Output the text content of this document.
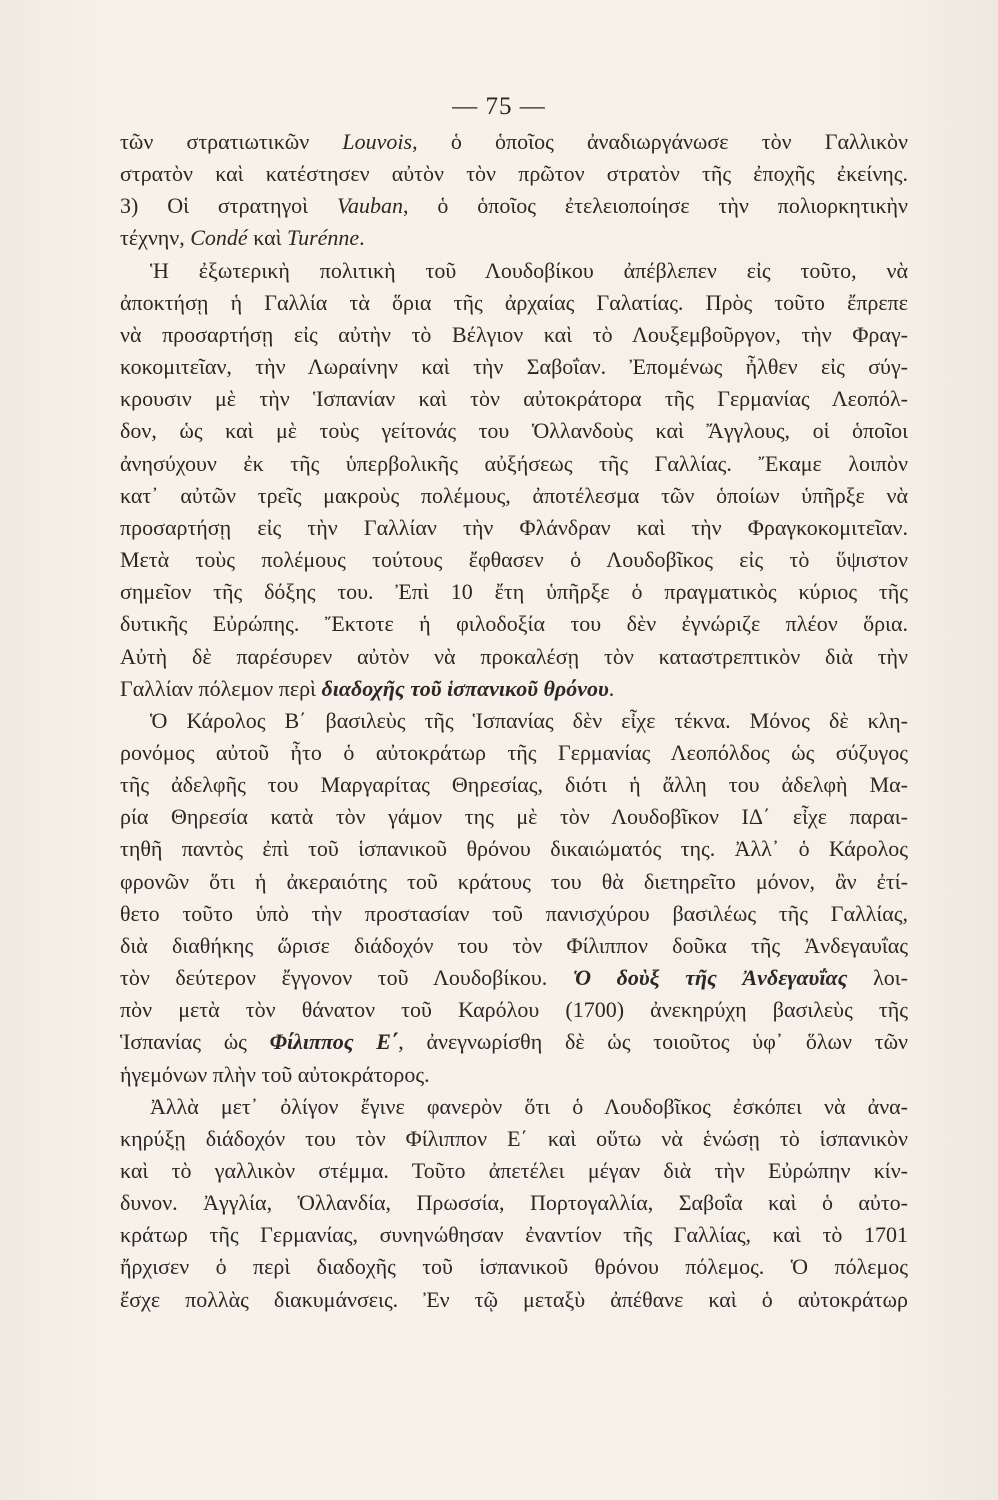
— 75 —

τῶν στρατιωτικῶν Louvois, ὁ ὁποῖος ἀναδιωργάνωσε τὸν Γαλλικὸν

στρατὸν καὶ κατέστησεν αὐτὸν τὸν πρῶτον στρατὸν τῆς ἐποχῆς ἐκείνης.

3) Οἱ στρατηγοὶ Vauban, ὁ ὁποῖος ἐτελειοποίησε τὴν πολιορκητικὴν

τέχνην, Condé καὶ Turénne.

Ἡ ἐξωτερικὴ πολιτικὴ τοῦ Λουδοβίκου ἀπέβλεπεν εἰς τοῦτο, νὰ

ἀποκτήσῃ ἡ Γαλλία τὰ ὅρια τῆς ἀρχαίας Γαλατίας. Πρὸς τοῦτο ἔπρεπε

νὰ προσαρτήσῃ εἰς αὐτὴν τὸ Βέλγιον καὶ τὸ Λουξεμβοῦργον, τὴν Φραγ-

κοκομιτεῖαν, τὴν Λωραίνην καὶ τὴν Σαβοΐαν. Ἐπομένως ἦλθεν εἰς σύγ-

κρουσιν μὲ τὴν Ἱσπανίαν καὶ τὸν αὐτοκράτορα τῆς Γερμανίας Λεοπόλ-

δον, ὡς καὶ μὲ τοὺς γείτονάς του Ὁλλανδοὺς καὶ Ἄγγλους, οἱ ὁποῖοι

ἀνησύχουν ἐκ τῆς ὑπερβολικῆς αὐξήσεως τῆς Γαλλίας. Ἔκαμε λοιπὸν

κατ᾽ αὐτῶν τρεῖς μακροὺς πολέμους, ἀποτέλεσμα τῶν ὁποίων ὑπῆρξε νὰ

προσαρτήσῃ εἰς τὴν Γαλλίαν τὴν Φλάνδραν καὶ τὴν Φραγκοκομιτεῖαν.

Μετὰ τοὺς πολέμους τούτους ἔφθασεν ὁ Λουδοβῖκος εἰς τὸ ὕψιστον

σημεῖον τῆς δόξης του. Ἐπὶ 10 ἔτη ὑπῆρξε ὁ πραγματικὸς κύριος τῆς

δυτικῆς Εὐρώπης. Ἔκτοτε ἡ φιλοδοξία του δὲν ἐγνώριζε πλέον ὅρια.

Αὐτὴ δὲ παρέσυρεν αὐτὸν νὰ προκαλέσῃ τὸν καταστρεπτικὸν διὰ τὴν

Γαλλίαν πόλεμον περὶ διαδοχῆς τοῦ ἱσπανικοῦ θρόνου.

Ὁ Κάρολος Β΄ βασιλεὺς τῆς Ἱσπανίας δὲν εἶχε τέκνα. Μόνος δὲ κλη-

ρονόμος αὐτοῦ ἦτο ὁ αὐτοκράτωρ τῆς Γερμανίας Λεοπόλδος ὡς σύζυγος

τῆς ἀδελφῆς του Μαργαρίτας Θηρεσίας, διότι ἡ ἄλλη του ἀδελφὴ Μα-

ρία Θηρεσία κατὰ τὸν γάμον της μὲ τὸν Λουδοβῖκον ΙΔ΄ εἶχε παραι-

τηθῆ παντὸς ἐπὶ τοῦ ἱσπανικοῦ θρόνου δικαιώματός της. Ἀλλ᾽ ὁ Κάρολος

φρονῶν ὅτι ἡ ἀκεραιότης τοῦ κράτους του θὰ διετηρεῖτο μόνον, ἂν ἐτί-

θετο τοῦτο ὑπὸ τὴν προστασίαν τοῦ πανισχύρου βασιλέως τῆς Γαλλίας,

διὰ διαθήκης ὥρισε διάδοχόν του τὸν Φίλιππον δοῦκα τῆς Ἀνδεγαυΐας

τὸν δεύτερον ἔγγονον τοῦ Λουδοβίκου. Ὁ δοὺξ τῆς Ἀνδεγαυΐας λοι-

πὸν μετὰ τὸν θάνατον τοῦ Καρόλου (1700) ἀνεκηρύχη βασιλεὺς τῆς

Ἱσπανίας ὡς Φίλιππος Ε΄, ἀνεγνωρίσθη δὲ ὡς τοιοῦτος ὑφ᾽ ὅλων τῶν

ἡγεμόνων πλὴν τοῦ αὐτοκράτορος.

Ἀλλὰ μετ᾽ ὀλίγον ἔγινε φανερὸν ὅτι ὁ Λουδοβῖκος ἐσκόπει νὰ ἀνα-

κηρύξῃ διάδοχόν του τὸν Φίλιππον Ε΄ καὶ οὕτω νὰ ἑνώσῃ τὸ ἱσπανικὸν

καὶ τὸ γαλλικὸν στέμμα. Τοῦτο ἀπετέλει μέγαν διὰ τὴν Εὐρώπην κίν-

δυνον. Ἀγγλία, Ὁλλανδία, Πρωσσία, Πορτογαλλία, Σαβοΐα καὶ ὁ αὐτο-

κράτωρ τῆς Γερμανίας, συνηνώθησαν ἐναντίον τῆς Γαλλίας, καὶ τὸ 1701

ἤρχισεν ὁ περὶ διαδοχῆς τοῦ ἱσπανικοῦ θρόνου πόλεμος. Ὁ πόλεμος

ἔσχε πολλὰς διακυμάνσεις. Ἐν τῷ μεταξὺ ἀπέθανε καὶ ὁ αὐτοκράτωρ
